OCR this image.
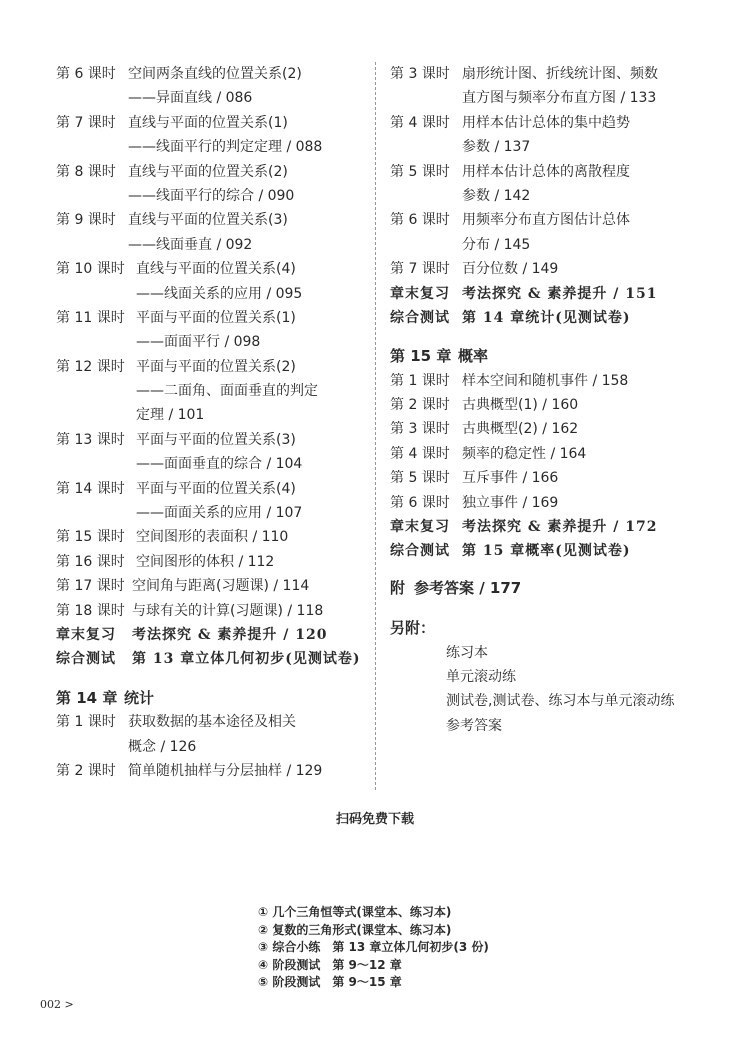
第 6 课时 空间两条直线的位置关系(2)
——异面直线 / 086
第 7 课时 直线与平面的位置关系(1)
——线面平行的判定定理 / 088
第 8 课时 直线与平面的位置关系(2)
——线面平行的综合 / 090
第 9 课时 直线与平面的位置关系(3)
——线面垂直 / 092
第 10 课时 直线与平面的位置关系(4)
——线面关系的应用 / 095
第 11 课时 平面与平面的位置关系(1)
——面面平行 / 098
第 12 课时 平面与平面的位置关系(2)
——二面角、面面垂直的判定
定理 / 101
第 13 课时 平面与平面的位置关系(3)
——面面垂直的综合 / 104
第 14 课时 平面与平面的位置关系(4)
——面面关系的应用 / 107
第 15 课时 空间图形的表面积 / 110
第 16 课时 空间图形的体积 / 112
第 17 课时 空间角与距离(习题课) / 114
第 18 课时 与球有关的计算(习题课) / 118
章末复习	考法探究 & 素养提升 / 120
综合测试	第 13 章立体几何初步(见测试卷)
第 14 章 统计
第 1 课时 获取数据的基本途径及相关
概念 / 126
第 2 课时 简单随机抽样与分层抽样 / 129
第 3 课时 扇形统计图、折线统计图、频数
直方图与频率分布直方图 / 133
第 4 课时 用样本估计总体的集中趋势
参数 / 137
第 5 课时 用样本估计总体的离散程度
参数 / 142
第 6 课时 用频率分布直方图估计总体
分布 / 145
第 7 课时 百分位数 / 149
章末复习 考法探究 & 素养提升 / 151
综合测试 第 14 章统计(见测试卷)
第 15 章 概率
第 1 课时 样本空间和随机事件 / 158
第 2 课时 古典概型(1) / 160
第 3 课时 古典概型(2) / 162
第 4 课时 频率的稳定性 / 164
第 5 课时 互斥事件 / 166
第 6 课时 独立事件 / 169
章末复习 考法探究 & 素养提升 / 172
综合测试 第 15 章概率(见测试卷)
附 参考答案 / 177
另附：
练习本
单元滚动练
测试卷,测试卷、练习本与单元滚动练
参考答案
扫码免费下载
① 几个三角恒等式(课堂本、练习本)
② 复数的三角形式(课堂本、练习本)
③ 综合小练　第 13 章立体几何初步(3 份)
④ 阶段测试　第 9～12 章
⑤ 阶段测试　第 9～15 章
002 >
